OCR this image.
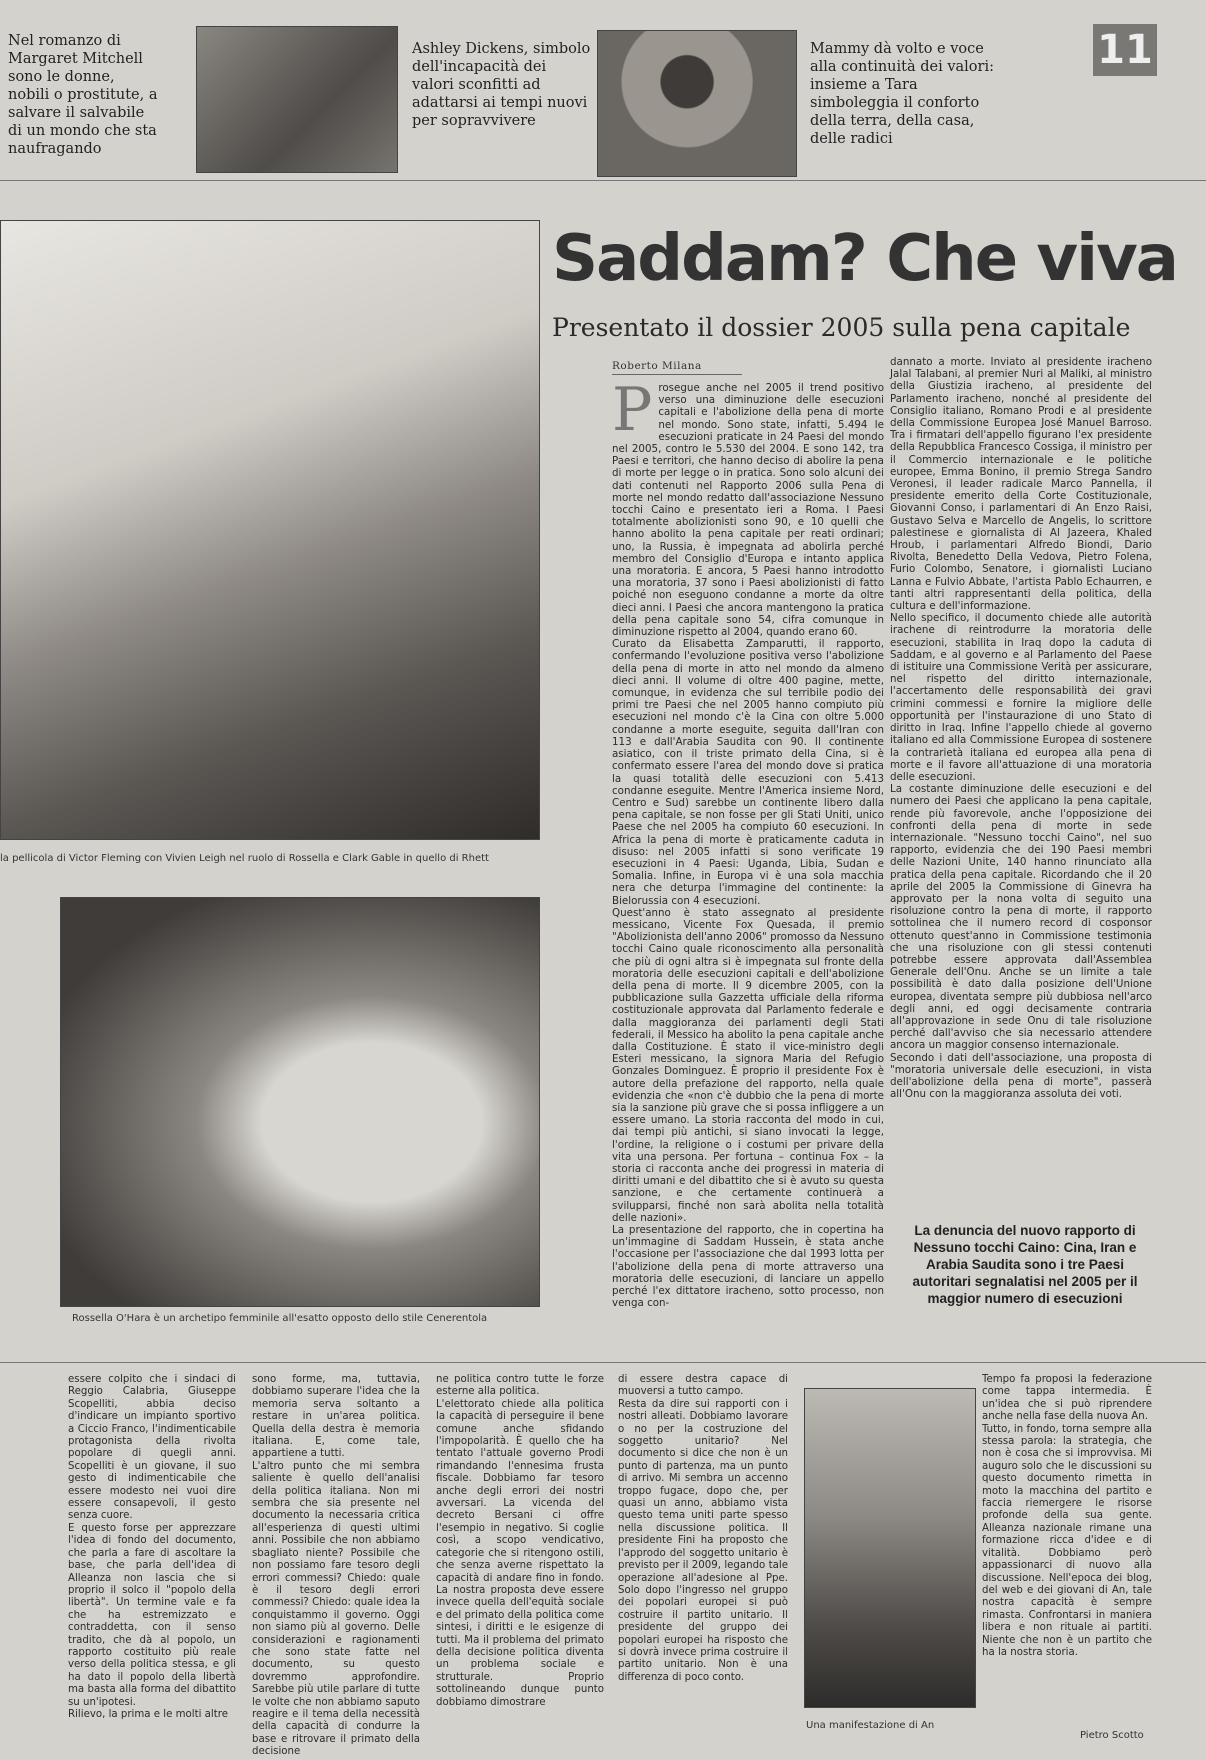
Nel romanzo di Margaret Mitchell sono le donne, nobili o prostitute, a salvare il salvabile di un mondo che sta naufragando
Ashley Dickens, simbolo dell'incapacità dei valori sconfitti ad adattarsi ai tempi nuovi per sopravvivere
Mammy dà volto e voce alla continuità dei valori: insieme a Tara simboleggia il conforto della terra, della casa, delle radici
11
la pellicola di Victor Fleming con Vivien Leigh nel ruolo di Rossella e Clark Gable in quello di Rhett
Rossella O'Hara è un archetipo femminile all'esatto opposto dello stile Cenerentola
Saddam? Che viva
Presentato il dossier 2005 sulla pena capitale
Roberto Milana
P rosegue anche nel 2005 il trend positivo verso una diminuzione delle esecuzioni capitali e l'abolizione della pena di morte nel mondo. Sono state, infatti, 5.494 le esecuzioni praticate in 24 Paesi del mondo nel 2005, contro le 5.530 del 2004. E sono 142, tra Paesi e territori, che hanno deciso di abolire la pena di morte per legge o in pratica. Sono solo alcuni dei dati contenuti nel Rapporto 2006 sulla Pena di morte nel mondo redatto dall'associazione Nessuno tocchi Caino e presentato ieri a Roma. I Paesi totalmente abolizionisti sono 90, e 10 quelli che hanno abolito la pena capitale per reati ordinari; uno, la Russia, è impegnata ad abolirla perché membro del Consiglio d'Europa e intanto applica una moratoria. E ancora, 5 Paesi hanno introdotto una moratoria, 37 sono i Paesi abolizionisti di fatto poiché non eseguono condanne a morte da oltre dieci anni. I Paesi che ancora mantengono la pratica della pena capitale sono 54, cifra comunque in diminuzione rispetto al 2004, quando erano 60.
Curato da Elisabetta Zamparutti, il rapporto, confermando l'evoluzione positiva verso l'abolizione della pena di morte in atto nel mondo da almeno dieci anni. Il volume di oltre 400 pagine, mette, comunque, in evidenza che sul terribile podio dei primi tre Paesi che nel 2005 hanno compiuto più esecuzioni nel mondo c'è la Cina con oltre 5.000 condanne a morte eseguite, seguita dall'Iran con 113 e dall'Arabia Saudita con 90. Il continente asiatico, con il triste primato della Cina, si è confermato essere l'area del mondo dove si pratica la quasi totalità delle esecuzioni con 5.413 condanne eseguite. Mentre l'America insieme Nord, Centro e Sud) sarebbe un continente libero dalla pena capitale, se non fosse per gli Stati Uniti, unico Paese che nel 2005 ha compiuto 60 esecuzioni. In Africa la pena di morte è praticamente caduta in disuso: nel 2005 infatti si sono verificate 19 esecuzioni in 4 Paesi: Uganda, Libia, Sudan e Somalia. Infine, in Europa vi è una sola macchia nera che deturpa l'immagine del continente: la Bielorussia con 4 esecuzioni.
Quest'anno è stato assegnato al presidente messicano, Vicente Fox Quesada, il premio "Abolizionista dell'anno 2006" promosso da Nessuno tocchi Caino quale riconoscimento alla personalità che più di ogni altra si è impegnata sul fronte della moratoria delle esecuzioni capitali e dell'abolizione della pena di morte. Il 9 dicembre 2005, con la pubblicazione sulla Gazzetta ufficiale della riforma costituzionale approvata dal Parlamento federale e dalla maggioranza dei parlamenti degli Stati federali, il Messico ha abolito la pena capitale anche dalla Costituzione. È stato il vice-ministro degli Esteri messicano, la signora Maria del Refugio Gonzales Dominguez. È proprio il presidente Fox è autore della prefazione del rapporto, nella quale evidenzia che «non c'è dubbio che la pena di morte sia la sanzione più grave che si possa infliggere a un essere umano. La storia racconta del modo in cui, dai tempi più antichi, si siano invocati la legge, l'ordine, la religione o i costumi per privare della vita una persona. Per fortuna – continua Fox – la storia ci racconta anche dei progressi in materia di diritti umani e del dibattito che si è avuto su questa sanzione, e che certamente continuerà a svilupparsi, finché non sarà abolita nella totalità delle nazioni».
La presentazione del rapporto, che in copertina ha un'immagine di Saddam Hussein, è stata anche l'occasione per l'associazione che dal 1993 lotta per l'abolizione della pena di morte attraverso una moratoria delle esecuzioni, di lanciare un appello perché l'ex dittatore iracheno, sotto processo, non venga con-
dannato a morte. Inviato al presidente iracheno Jalal Talabani, al premier Nuri al Maliki, al ministro della Giustizia iracheno, al presidente del Parlamento iracheno, nonché al presidente del Consiglio italiano, Romano Prodi e al presidente della Commissione Europea José Manuel Barroso. Tra i firmatari dell'appello figurano l'ex presidente della Repubblica Francesco Cossiga, il ministro per il Commercio internazionale e le politiche europee, Emma Bonino, il premio Strega Sandro Veronesi, il leader radicale Marco Pannella, il presidente emerito della Corte Costituzionale, Giovanni Conso, i parlamentari di An Enzo Raisi, Gustavo Selva e Marcello de Angelis, lo scrittore palestinese e giornalista di Al Jazeera, Khaled Hroub, i parlamentari Alfredo Biondi, Dario Rivolta, Benedetto Della Vedova, Pietro Folena, Furio Colombo, Senatore, i giornalisti Luciano Lanna e Fulvio Abbate, l'artista Pablo Echaurren, e tanti altri rappresentanti della politica, della cultura e dell'informazione.
Nello specifico, il documento chiede alle autorità irachene di reintrodurre la moratoria delle esecuzioni, stabilita in Iraq dopo la caduta di Saddam, e al governo e al Parlamento del Paese di istituire una Commissione Verità per assicurare, nel rispetto del diritto internazionale, l'accertamento delle responsabilità dei gravi crimini commessi e fornire la migliore delle opportunità per l'instaurazione di uno Stato di diritto in Iraq. Infine l'appello chiede al governo italiano ed alla Commissione Europea di sostenere la contrarietà italiana ed europea alla pena di morte e il favore all'attuazione di una moratoria delle esecuzioni.
La costante diminuzione delle esecuzioni e del numero dei Paesi che applicano la pena capitale, rende più favorevole, anche l'opposizione dei confronti della pena di morte in sede internazionale. "Nessuno tocchi Caino", nel suo rapporto, evidenzia che dei 190 Paesi membri delle Nazioni Unite, 140 hanno rinunciato alla pratica della pena capitale. Ricordando che il 20 aprile del 2005 la Commissione di Ginevra ha approvato per la nona volta di seguito una risoluzione contro la pena di morte, il rapporto sottolinea che il numero record di cosponsor ottenuto quest'anno in Commissione testimonia che una risoluzione con gli stessi contenuti potrebbe essere approvata dall'Assemblea Generale dell'Onu. Anche se un limite a tale possibilità è dato dalla posizione dell'Unione europea, diventata sempre più dubbiosa nell'arco degli anni, ed oggi decisamente contraria all'approvazione in sede Onu di tale risoluzione perché dall'avviso che sia necessario attendere ancora un maggior consenso internazionale.
Secondo i dati dell'associazione, una proposta di "moratoria universale delle esecuzioni, in vista dell'abolizione della pena di morte", passerà all'Onu con la maggioranza assoluta dei voti.
La denuncia del nuovo rapporto di Nessuno tocchi Caino: Cina, Iran e Arabia Saudita sono i tre Paesi autoritari segnalatisi nel 2005 per il maggior numero di esecuzioni
essere colpito che i sindaci di Reggio Calabria, Giuseppe Scopelliti, abbia deciso d'indicare un impianto sportivo a Ciccio Franco, l'indimenticabile protagonista della rivolta popolare di quegli anni. Scopelliti è un giovane, il suo gesto di indimenticabile che essere modesto nei vuoi dire essere consapevoli, il gesto senza cuore.
E questo forse per apprezzare l'idea di fondo del documento, che parla a fare di ascoltare la base, che parla dell'idea di Alleanza non lascia che si proprio il solco il "popolo della libertà". Un termine vale e fa che ha estremizzato e contraddetta, con il senso tradito, che dà al popolo, un rapporto costituito più reale verso della politica stessa, e gli ha dato il popolo della libertà ma basta alla forma del dibattito su un'ipotesi.
Rilievo, la prima e le molti altre
sono forme, ma, tuttavia, dobbiamo superare l'idea che la memoria serva soltanto a restare in un'area politica. Quella della destra è memoria italiana. E, come tale, appartiene a tutti.
L'altro punto che mi sembra saliente è quello dell'analisi della politica italiana. Non mi sembra che sia presente nel documento la necessaria critica all'esperienza di questi ultimi anni. Possibile che non abbiamo sbagliato niente? Possibile che non possiamo fare tesoro degli errori commessi? Chiedo: quale è il tesoro degli errori commessi? Chiedo: quale idea la conquistammo il governo. Oggi non siamo più al governo. Delle considerazioni e ragionamenti che sono state fatte nel documento, su questo dovremmo approfondire. Sarebbe più utile parlare di tutte le volte che non abbiamo saputo reagire e il tema della necessità della capacità di condurre la base e ritrovare il primato della decisione
ne politica contro tutte le forze esterne alla politica.
L'elettorato chiede alla politica la capacità di perseguire il bene comune anche sfidando l'impopolarità. È quello che ha tentato l'attuale governo Prodi rimandando l'ennesima frusta fiscale. Dobbiamo far tesoro anche degli errori dei nostri avversari. La vicenda del decreto Bersani ci offre l'esempio in negativo. Si coglie così, a scopo vendicativo, categorie che si ritengono ostili, che senza averne rispettato la capacità di andare fino in fondo. La nostra proposta deve essere invece quella dell'equità sociale e del primato della politica come sintesi, i diritti e le esigenze di tutti. Ma il problema del primato della decisione politica diventa un problema sociale e strutturale. Proprio sottolineando dunque punto dobbiamo dimostrare
di essere destra capace di muoversi a tutto campo.
Resta da dire sui rapporti con i nostri alleati. Dobbiamo lavorare o no per la costruzione del soggetto unitario? Nel documento si dice che non è un punto di partenza, ma un punto di arrivo. Mi sembra un accenno troppo fugace, dopo che, per quasi un anno, abbiamo vista questo tema uniti parte spesso nella discussione politica. Il presidente Fini ha proposto che l'approdo del soggetto unitario è previsto per il 2009, legando tale operazione all'adesione al Ppe. Solo dopo l'ingresso nel gruppo dei popolari europei si può costruire il partito unitario. Il presidente del gruppo dei popolari europei ha risposto che si dovrà invece prima costruire il partito unitario. Non è una differenza di poco conto.
Una manifestazione di An
Tempo fa proposi la federazione come tappa intermedia. È un'idea che si può riprendere anche nella fase della nuova An.
Tutto, in fondo, torna sempre alla stessa parola: la strategia, che non è cosa che si improvvisa. Mi auguro solo che le discussioni su questo documento rimetta in moto la macchina del partito e faccia riemergere le risorse profonde della sua gente. Alleanza nazionale rimane una formazione ricca d'idee e di vitalità. Dobbiamo però appassionarci di nuovo alla discussione. Nell'epoca dei blog, del web e dei giovani di An, tale nostra capacità è sempre rimasta. Confrontarsi in maniera libera e non rituale ai partiti. Niente che non è un partito che ha la nostra storia.
Pietro Scotto
